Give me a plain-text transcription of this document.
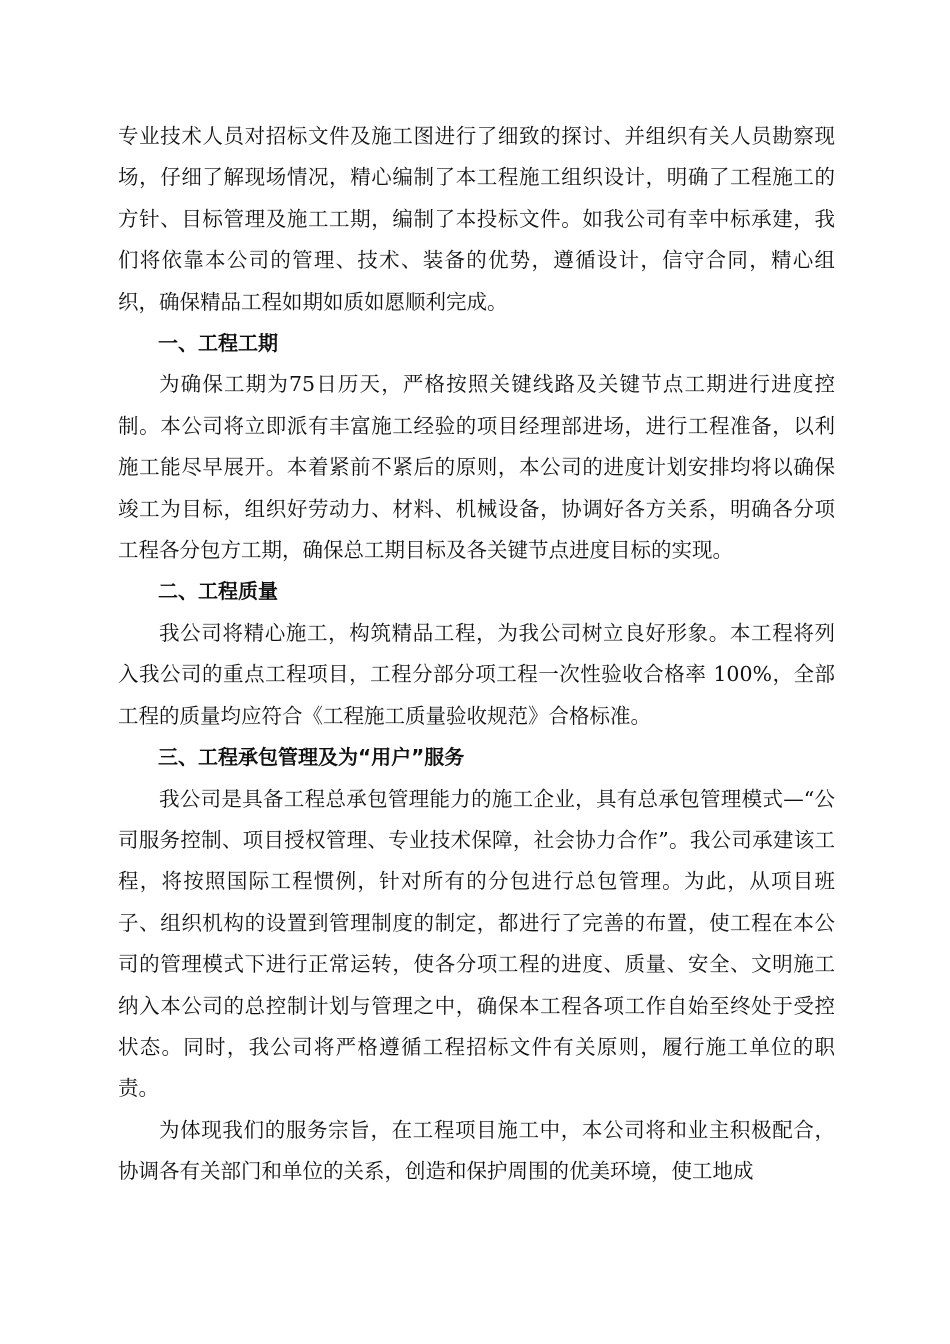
专业技术人员对招标文件及施工图进行了细致的探讨、并组织有关人员勘察现场，仔细了解现场情况，精心编制了本工程施工组织设计，明确了工程施工的方针、目标管理及施工工期，编制了本投标文件。如我公司有幸中标承建，我们将依靠本公司的管理、技术、装备的优势，遵循设计，信守合同，精心组织，确保精品工程如期如质如愿顺利完成。

一、工程工期

为确保工期为75日历天，严格按照关键线路及关键节点工期进行进度控制。本公司将立即派有丰富施工经验的项目经理部进场，进行工程准备，以利施工能尽早展开。本着紧前不紧后的原则，本公司的进度计划安排均将以确保竣工为目标，组织好劳动力、材料、机械设备，协调好各方关系，明确各分项工程各分包方工期，确保总工期目标及各关键节点进度目标的实现。

二、工程质量

我公司将精心施工，构筑精品工程，为我公司树立良好形象。本工程将列入我公司的重点工程项目，工程分部分项工程一次性验收合格率 100%，全部工程的质量均应符合《工程施工质量验收规范》合格标准。

三、工程承包管理及为“用户”服务

我公司是具备工程总承包管理能力的施工企业，具有总承包管理模式—“公司服务控制、项目授权管理、专业技术保障，社会协力合作”。我公司承建该工程，将按照国际工程惯例，针对所有的分包进行总包管理。为此，从项目班子、组织机构的设置到管理制度的制定，都进行了完善的布置，使工程在本公司的管理模式下进行正常运转，使各分项工程的进度、质量、安全、文明施工纳入本公司的总控制计划与管理之中，确保本工程各项工作自始至终处于受控状态。同时，我公司将严格遵循工程招标文件有关原则，履行施工单位的职责。

为体现我们的服务宗旨，在工程项目施工中，本公司将和业主积极配合，协调各有关部门和单位的关系，创造和保护周围的优美环境，使工地成
